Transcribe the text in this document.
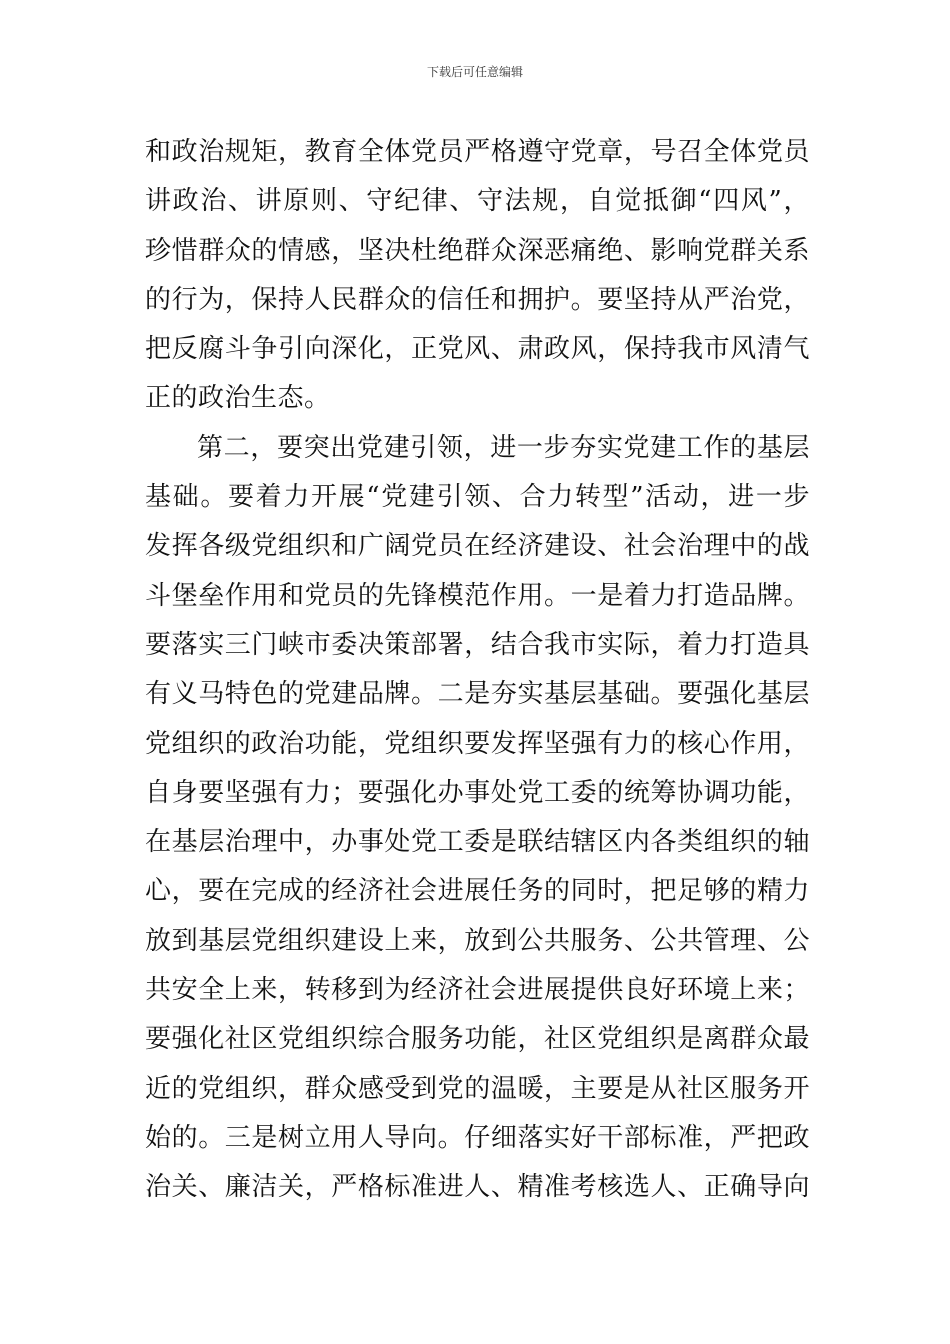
下载后可任意编辑
和政治规矩，教育全体党员严格遵守党章，号召全体党员
讲政治、讲原则、守纪律、守法规，自觉抵御“四风”，
珍惜群众的情感，坚决杜绝群众深恶痛绝、影响党群关系
的行为，保持人民群众的信任和拥护。要坚持从严治党，
把反腐斗争引向深化，正党风、肃政风，保持我市风清气
正的政治生态。
第二，要突出党建引领，进一步夯实党建工作的基层
基础。要着力开展“党建引领、合力转型”活动，进一步
发挥各级党组织和广阔党员在经济建设、社会治理中的战
斗堡垒作用和党员的先锋模范作用。一是着力打造品牌。
要落实三门峡市委决策部署，结合我市实际，着力打造具
有义马特色的党建品牌。二是夯实基层基础。要强化基层
党组织的政治功能，党组织要发挥坚强有力的核心作用，
自身要坚强有力；要强化办事处党工委的统筹协调功能，
在基层治理中，办事处党工委是联结辖区内各类组织的轴
心，要在完成的经济社会进展任务的同时，把足够的精力
放到基层党组织建设上来，放到公共服务、公共管理、公
共安全上来，转移到为经济社会进展提供良好环境上来；
要强化社区党组织综合服务功能，社区党组织是离群众最
近的党组织，群众感受到党的温暖，主要是从社区服务开
始的。三是树立用人导向。仔细落实好干部标准，严把政
治关、廉洁关，严格标准进人、精准考核选人、正确导向
